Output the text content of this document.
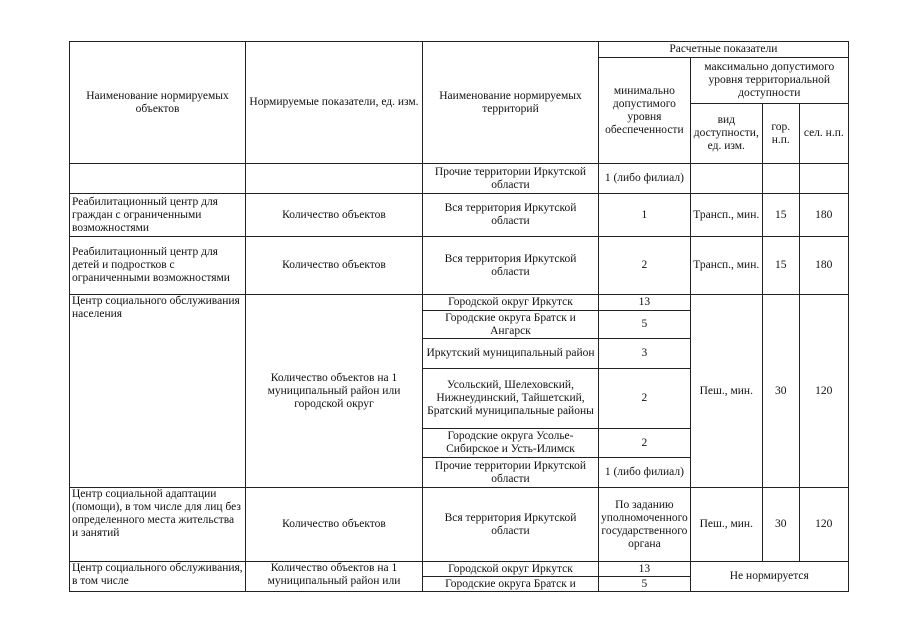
Наименование нормируемых объектов	Нормируемые показатели, ед. изм.	Наименование нормируемых территорий	Расчетные показатели			
			минимально допустимого уровня обеспеченности	максимально допустимого уровня территориальной доступности		
				вид доступности, ед. изм.	гор. н.п.	сел. н.п.
		Прочие территории Иркутской области	1 (либо филиал)			
Реабилитационный центр для граждан с ограниченными возможностями	Количество объектов	Вся территория Иркутской области	1	Трансп., мин.	15	180
Реабилитационный центр для детей и подростков с ограниченными возможностями	Количество объектов	Вся территория Иркутской области	2	Трансп., мин.	15	180
Центр социального обслуживания населения	Количество объектов на 1 муниципальный район или городской округ	Городской округ Иркутск	13	Пеш., мин.	30	120
		Городские округа Братск и Ангарск	5			
		Иркутский муниципальный район	3			
		Усольский, Шелеховский, Нижнеудинский, Тайшетский, Братский муниципальные районы	2			
		Городские округа Усолье-Сибирское и Усть-Илимск	2			
		Прочие территории Иркутской области	1 (либо филиал)			
Центр социальной адаптации (помощи), в том числе для лиц без определенного места жительства и занятий	Количество объектов	Вся территория Иркутской области	По заданию уполномоченного государственного органа	Пеш., мин.	30	120
Центр социального обслуживания, в том числе	Количество объектов на 1 муниципальный район или	Городской округ Иркутск	13	Не нормируется		
		Городские округа Братск и	5			
